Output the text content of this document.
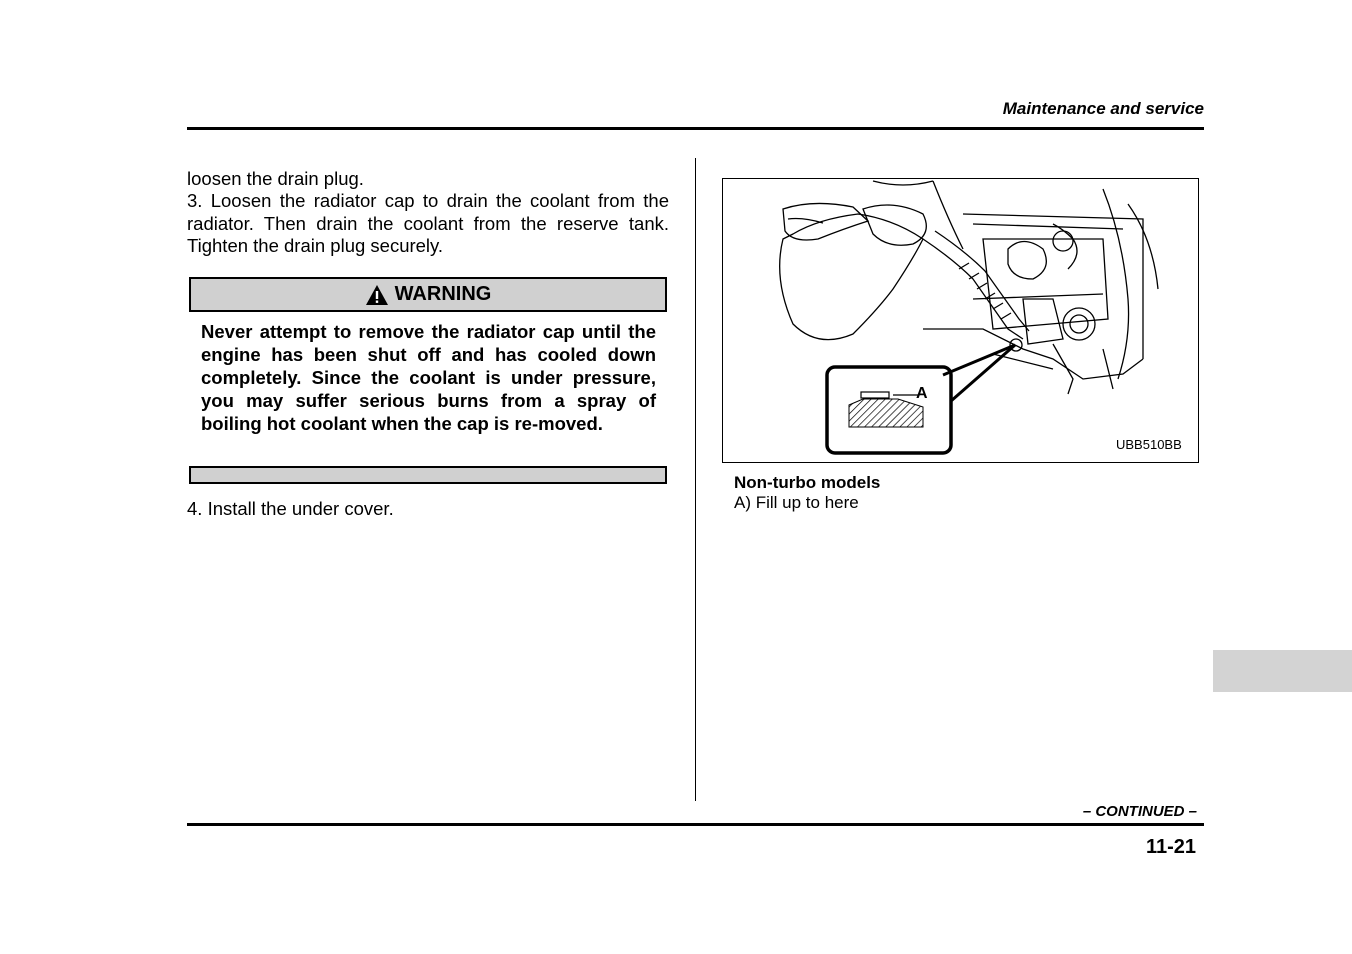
Maintenance and service
loosen the drain plug.
3. Loosen the radiator cap to drain the coolant from the radiator. Then drain the coolant from the reserve tank. Tighten the drain plug securely.
WARNING
Never attempt to remove the radiator cap until the engine has been shut off and has cooled down completely. Since the coolant is under pressure, you may suffer serious burns from a spray of boiling hot coolant when the cap is re-moved.
4. Install the under cover.
A
UBB510BB
Non-turbo models
A) Fill up to here
– CONTINUED –
11-21
